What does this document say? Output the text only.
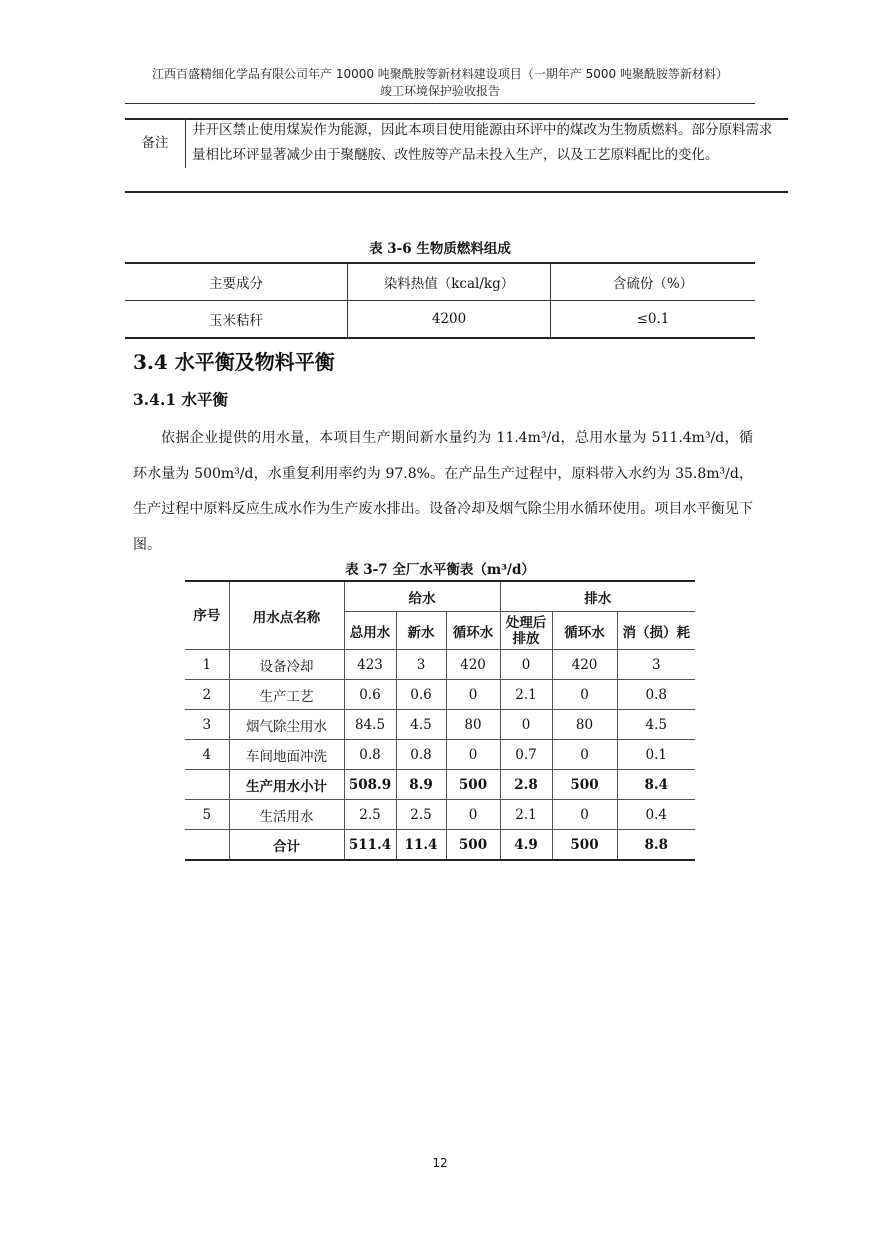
江西百盛精细化学品有限公司年产 10000 吨聚酰胺等新材料建设项目（一期年产 5000 吨聚酰胺等新材料）
竣工环境保护验收报告
备注	井开区禁止使用煤炭作为能源，因此本项目使用能源由环评中的煤改为生物质燃料。部分原料需求量相比环评显著减少由于聚醚胺、改性胺等产品未投入生产，以及工艺原料配比的变化。
表 3-6 生物质燃料组成
主要成分	染料热值（kcal/kg）	含硫份（%）
玉米秸秆	4200	≤0.1
3.4 水平衡及物料平衡
3.4.1 水平衡
依据企业提供的用水量，本项目生产期间新水量约为 11.4m³/d，总用水量为 511.4m³/d，循环水量为 500m³/d，水重复利用率约为 97.8%。在产品生产过程中，原料带入水约为 35.8m³/d，生产过程中原料反应生成水作为生产废水排出。设备冷却及烟气除尘用水循环使用。项目水平衡见下图。
表 3-7 全厂水平衡表（m³/d）
序号	用水点名称	给水			排水		
		总用水	新水	循环水	处理后排放	循环水	消（损）耗
1	设备冷却	423	3	420	0	420	3
2	生产工艺	0.6	0.6	0	2.1	0	0.8
3	烟气除尘用水	84.5	4.5	80	0	80	4.5
4	车间地面冲洗	0.8	0.8	0	0.7	0	0.1
	生产用水小计	508.9	8.9	500	2.8	500	8.4
5	生活用水	2.5	2.5	0	2.1	0	0.4
	合计	511.4	11.4	500	4.9	500	8.8
12
